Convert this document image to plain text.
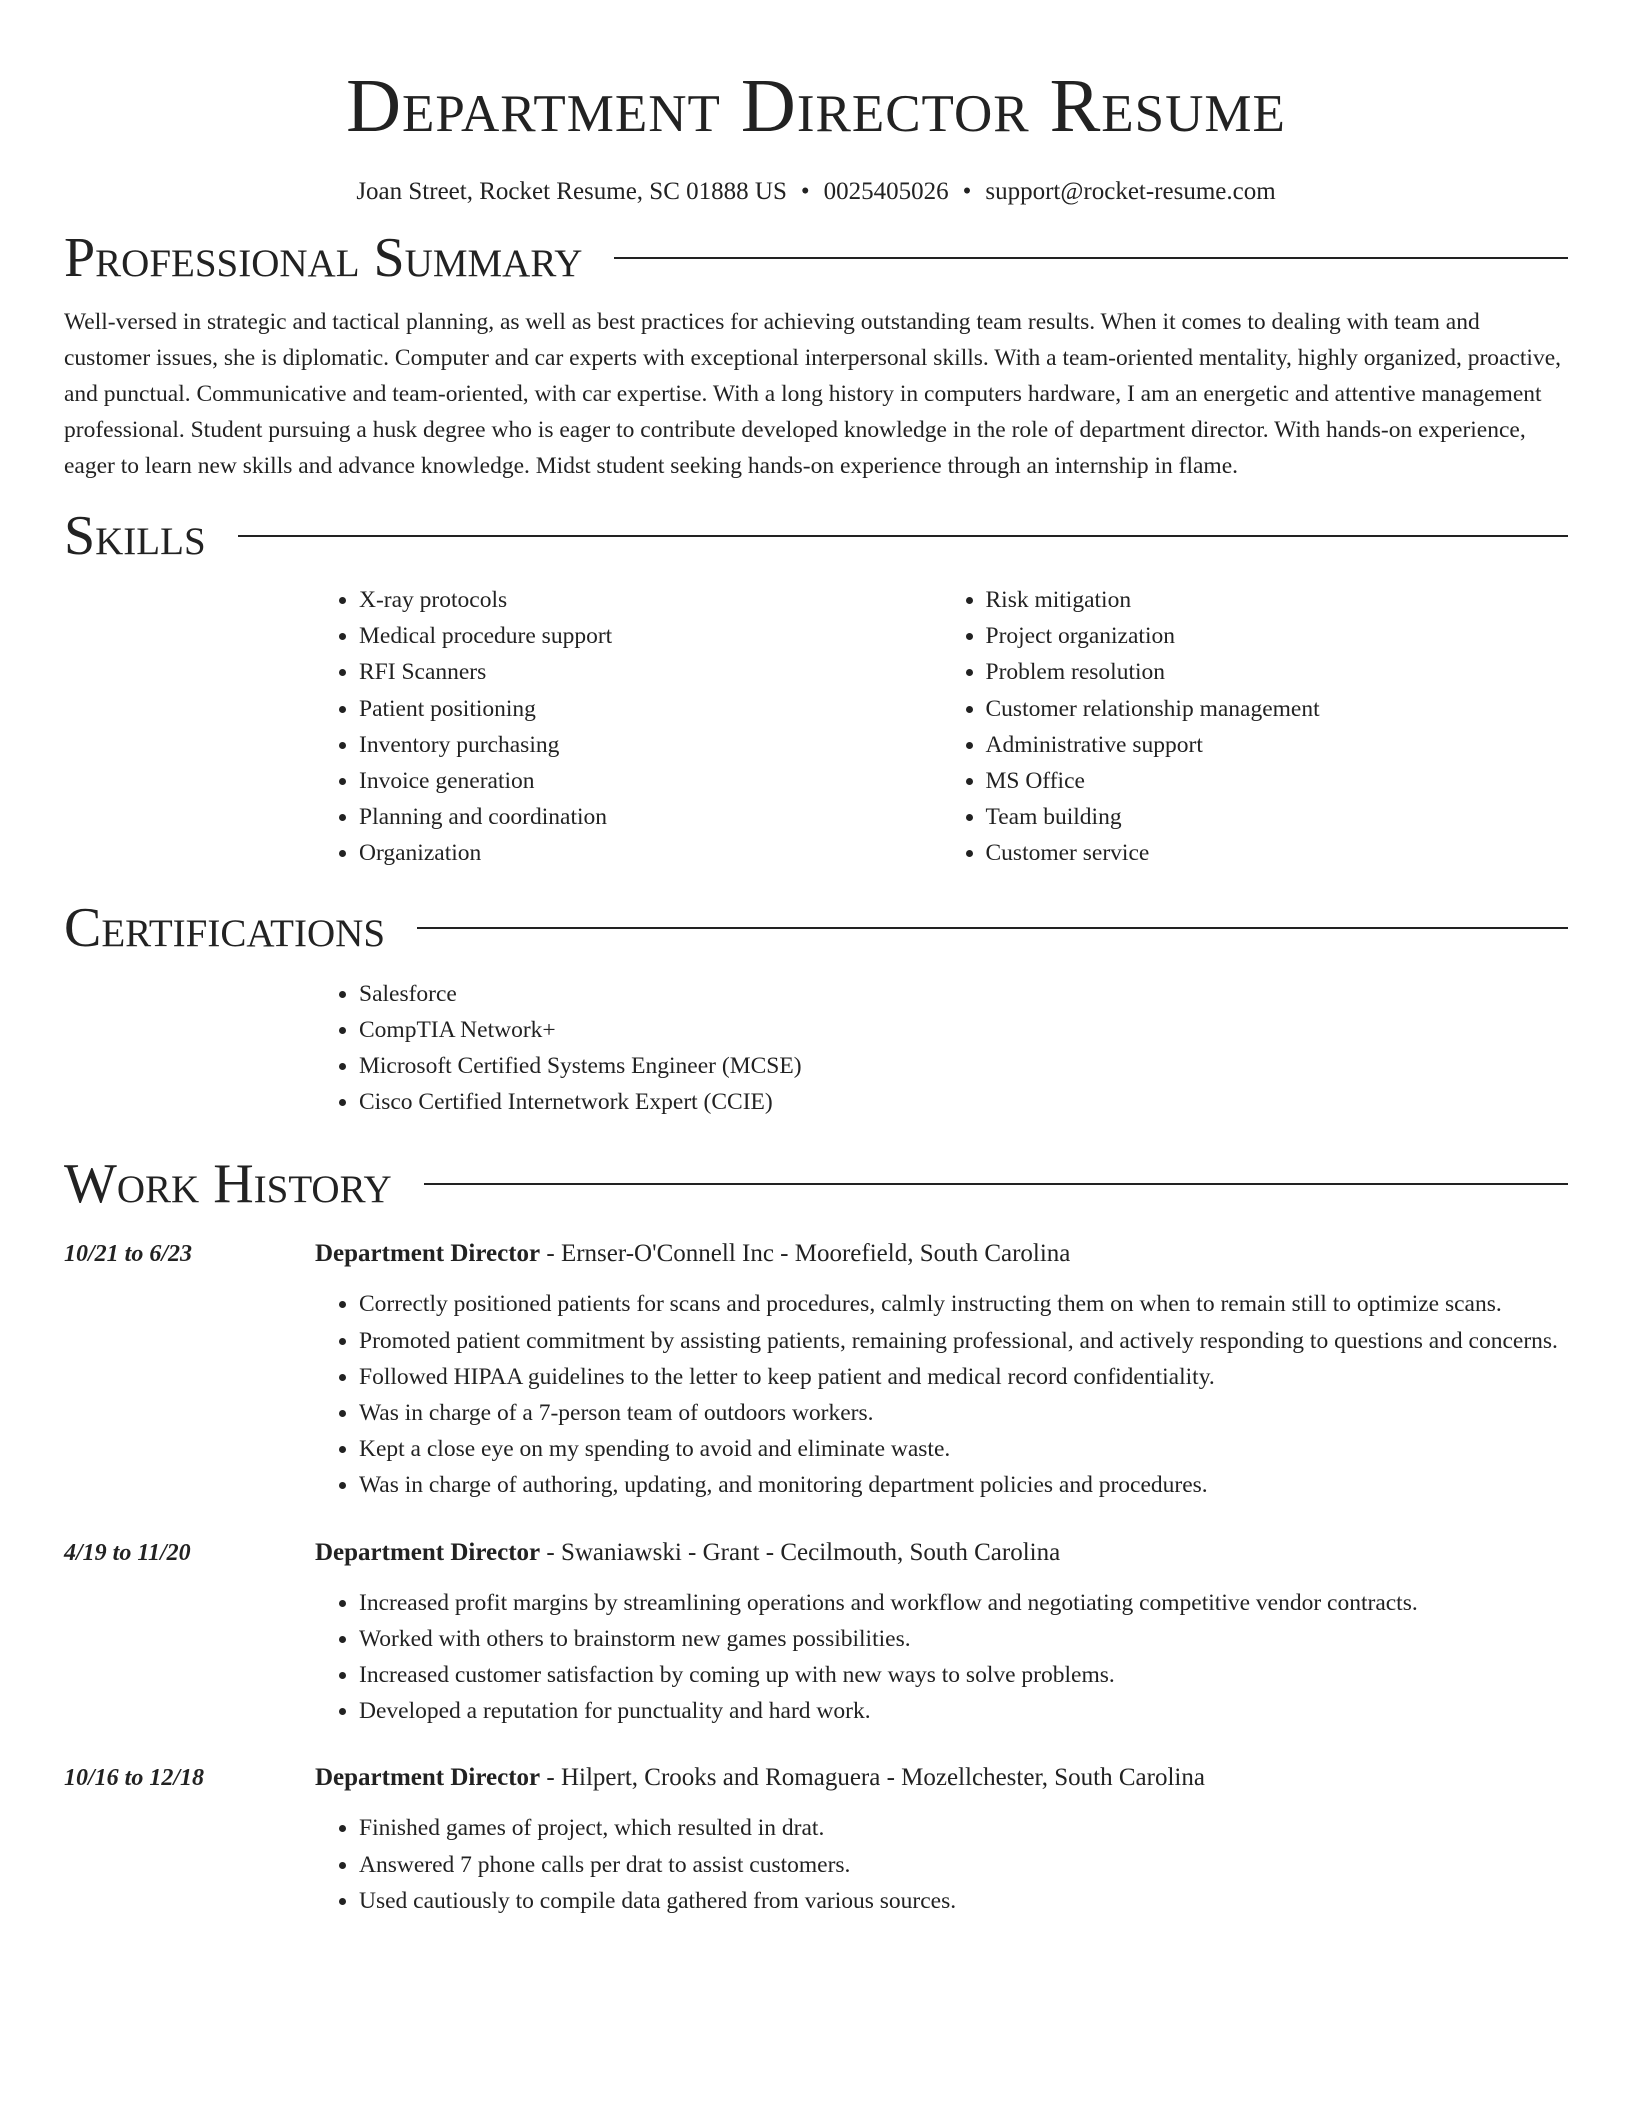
Department Director Resume
Joan Street, Rocket Resume, SC 01888 US • 0025405026 • support@rocket-resume.com
Professional Summary

Well-versed in strategic and tactical planning, as well as best practices for achieving outstanding team results. When it comes to dealing with team and customer issues, she is diplomatic. Computer and car experts with exceptional interpersonal skills. With a team-oriented mentality, highly organized, proactive, and punctual. Communicative and team-oriented, with car expertise. With a long history in computers hardware, I am an energetic and attentive management professional. Student pursuing a husk degree who is eager to contribute developed knowledge in the role of department director. With hands-on experience, eager to learn new skills and advance knowledge. Midst student seeking hands-on experience through an internship in flame.

Skills
• X-ray protocols
• Medical procedure support
• RFI Scanners
• Patient positioning
• Inventory purchasing
• Invoice generation
• Planning and coordination
• Organization
• Risk mitigation
• Project organization
• Problem resolution
• Customer relationship management
• Administrative support
• MS Office
• Team building
• Customer service
Certifications
• Salesforce
• CompTIA Network+
• Microsoft Certified Systems Engineer (MCSE)
• Cisco Certified Internetwork Expert (CCIE)
Work History
10/21 to 6/23	Department Director - Ernser-O'Connell Inc - Moorefield, South Carolina
• Correctly positioned patients for scans and procedures, calmly instructing them on when to remain still to optimize scans.
• Promoted patient commitment by assisting patients, remaining professional, and actively responding to questions and concerns.
• Followed HIPAA guidelines to the letter to keep patient and medical record confidentiality.
• Was in charge of a 7-person team of outdoors workers.
• Kept a close eye on my spending to avoid and eliminate waste.
• Was in charge of authoring, updating, and monitoring department policies and procedures.
4/19 to 11/20	Department Director - Swaniawski - Grant - Cecilmouth, South Carolina
• Increased profit margins by streamlining operations and workflow and negotiating competitive vendor contracts.
• Worked with others to brainstorm new games possibilities.
• Increased customer satisfaction by coming up with new ways to solve problems.
• Developed a reputation for punctuality and hard work.
10/16 to 12/18	Department Director - Hilpert, Crooks and Romaguera - Mozellchester, South Carolina
• Finished games of project, which resulted in drat.
• Answered 7 phone calls per drat to assist customers.
• Used cautiously to compile data gathered from various sources.
